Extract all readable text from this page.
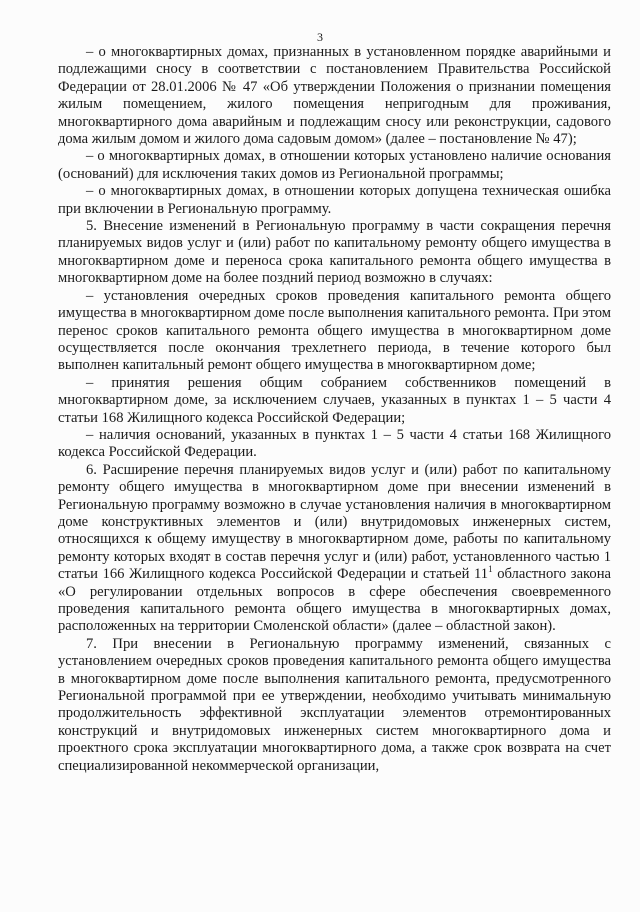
3

– о многоквартирных домах, признанных в установленном порядке аварийными и подлежащими сносу в соответствии с постановлением Правительства Российской Федерации от 28.01.2006 № 47 «Об утверждении Положения о признании помещения жилым помещением, жилого помещения непригодным для проживания, многоквартирного дома аварийным и подлежащим сносу или реконструкции, садового дома жилым домом и жилого дома садовым домом» (далее – постановление № 47);

– о многоквартирных домах, в отношении которых установлено наличие основания (оснований) для исключения таких домов из Региональной программы;

– о многоквартирных домах, в отношении которых допущена техническая ошибка при включении в Региональную программу.

5. Внесение изменений в Региональную программу в части сокращения перечня планируемых видов услуг и (или) работ по капитальному ремонту общего имущества в многоквартирном доме и переноса срока капитального ремонта общего имущества в многоквартирном доме на более поздний период возможно в случаях:

– установления очередных сроков проведения капитального ремонта общего имущества в многоквартирном доме после выполнения капитального ремонта. При этом перенос сроков капитального ремонта общего имущества в многоквартирном доме осуществляется после окончания трехлетнего периода, в течение которого был выполнен капитальный ремонт общего имущества в многоквартирном доме;

– принятия решения общим собранием собственников помещений в многоквартирном доме, за исключением случаев, указанных в пунктах 1 – 5 части 4 статьи 168 Жилищного кодекса Российской Федерации;

– наличия оснований, указанных в пунктах 1 – 5 части 4 статьи 168 Жилищного кодекса Российской Федерации.

6. Расширение перечня планируемых видов услуг и (или) работ по капитальному ремонту общего имущества в многоквартирном доме при внесении изменений в Региональную программу возможно в случае установления наличия в многоквартирном доме конструктивных элементов и (или) внутридомовых инженерных систем, относящихся к общему имуществу в многоквартирном доме, работы по капитальному ремонту которых входят в состав перечня услуг и (или) работ, установленного частью 1 статьи 166 Жилищного кодекса Российской Федерации и статьей $11^1$ областного закона «О регулировании отдельных вопросов в сфере обеспечения своевременного проведения капитального ремонта общего имущества в многоквартирных домах, расположенных на территории Смоленской области» (далее – областной закон).

7. При внесении в Региональную программу изменений, связанных с установлением очередных сроков проведения капитального ремонта общего имущества в многоквартирном доме после выполнения капитального ремонта, предусмотренного Региональной программой при ее утверждении, необходимо учитывать минимальную продолжительность эффективной эксплуатации элементов отремонтированных конструкций и внутридомовых инженерных систем многоквартирного дома и проектного срока эксплуатации многоквартирного дома, а также срок возврата на счет специализированной некоммерческой организации,
